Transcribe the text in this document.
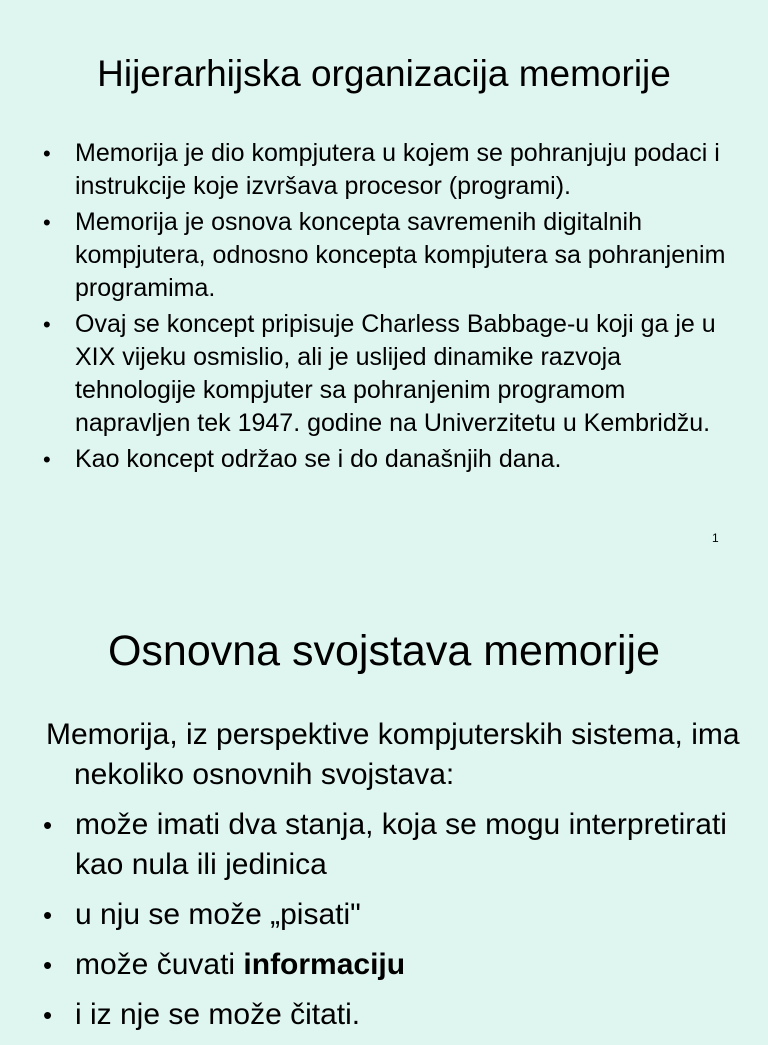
Hijerarhijska organizacija memorije
• Memorija je dio kompjutera u kojem se pohranjuju podaci i instrukcije koje izvršava procesor (programi).
• Memorija je osnova koncepta savremenih digitalnih kompjutera, odnosno koncepta kompjutera sa pohranjenim programima.
• Ovaj se koncept pripisuje Charless Babbage-u koji ga je u XIX vijeku osmislio, ali je uslijed dinamike razvoja tehnologije kompjuter sa pohranjenim programom napravljen tek 1947. godine na Univerzitetu u Kembridžu.
• Kao koncept održao se i do današnjih dana.
1
Osnovna svojstava memorije

Memorija, iz perspektive kompjuterskih sistema, ima nekoliko osnovnih svojstava:

• može imati dva stanja, koja se mogu interpretirati kao nula ili jedinica
• u nju se može „pisati"
• može čuvati informaciju
• i iz nje se može čitati.
